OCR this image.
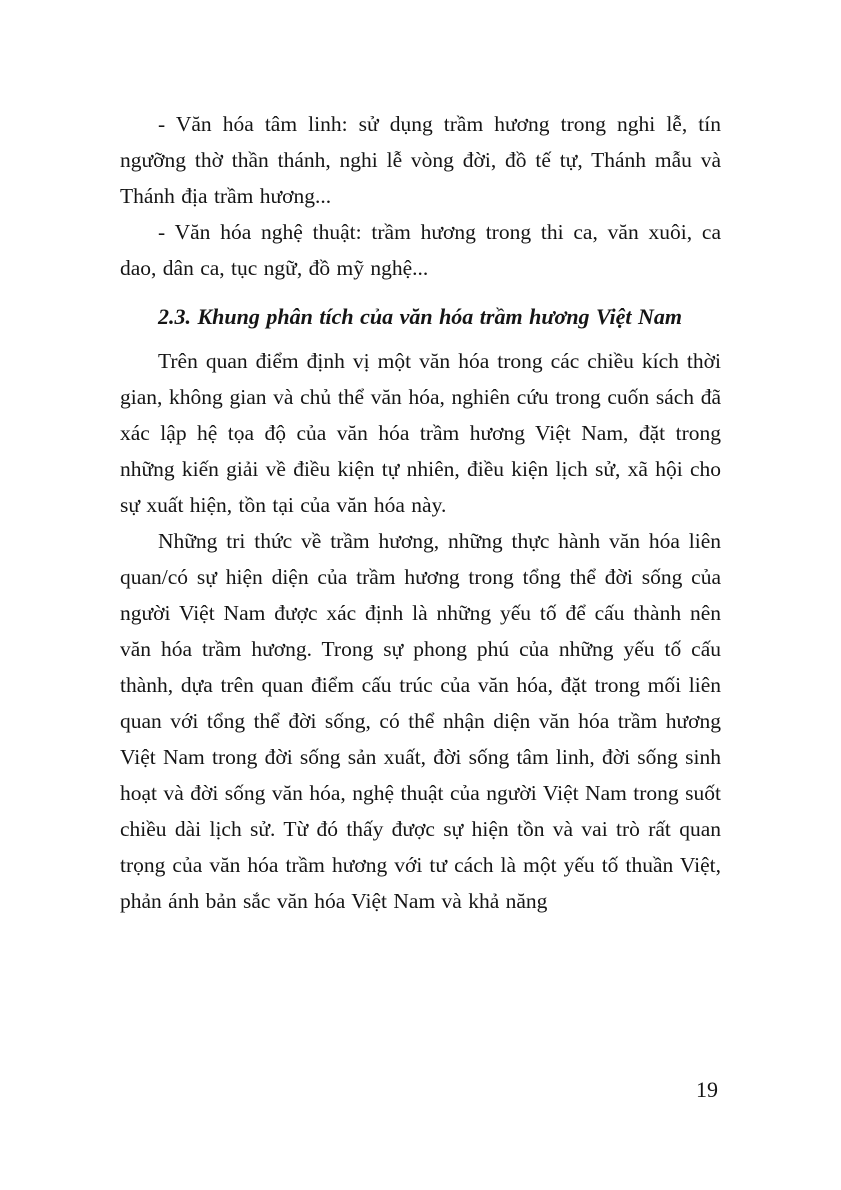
- Văn hóa tâm linh: sử dụng trầm hương trong nghi lễ, tín ngưỡng thờ thần thánh, nghi lễ vòng đời, đồ tế tự, Thánh mẫu và Thánh địa trầm hương...

- Văn hóa nghệ thuật: trầm hương trong thi ca, văn xuôi, ca dao, dân ca, tục ngữ, đồ mỹ nghệ...

2.3. Khung phân tích của văn hóa trầm hương Việt Nam

Trên quan điểm định vị một văn hóa trong các chiều kích thời gian, không gian và chủ thể văn hóa, nghiên cứu trong cuốn sách đã xác lập hệ tọa độ của văn hóa trầm hương Việt Nam, đặt trong những kiến giải về điều kiện tự nhiên, điều kiện lịch sử, xã hội cho sự xuất hiện, tồn tại của văn hóa này.

Những tri thức về trầm hương, những thực hành văn hóa liên quan/có sự hiện diện của trầm hương trong tổng thể đời sống của người Việt Nam được xác định là những yếu tố để cấu thành nên văn hóa trầm hương. Trong sự phong phú của những yếu tố cấu thành, dựa trên quan điểm cấu trúc của văn hóa, đặt trong mối liên quan với tổng thể đời sống, có thể nhận diện văn hóa trầm hương Việt Nam trong đời sống sản xuất, đời sống tâm linh, đời sống sinh hoạt và đời sống văn hóa, nghệ thuật của người Việt Nam trong suốt chiều dài lịch sử. Từ đó thấy được sự hiện tồn và vai trò rất quan trọng của văn hóa trầm hương với tư cách là một yếu tố thuần Việt, phản ánh bản sắc văn hóa Việt Nam và khả năng

19
